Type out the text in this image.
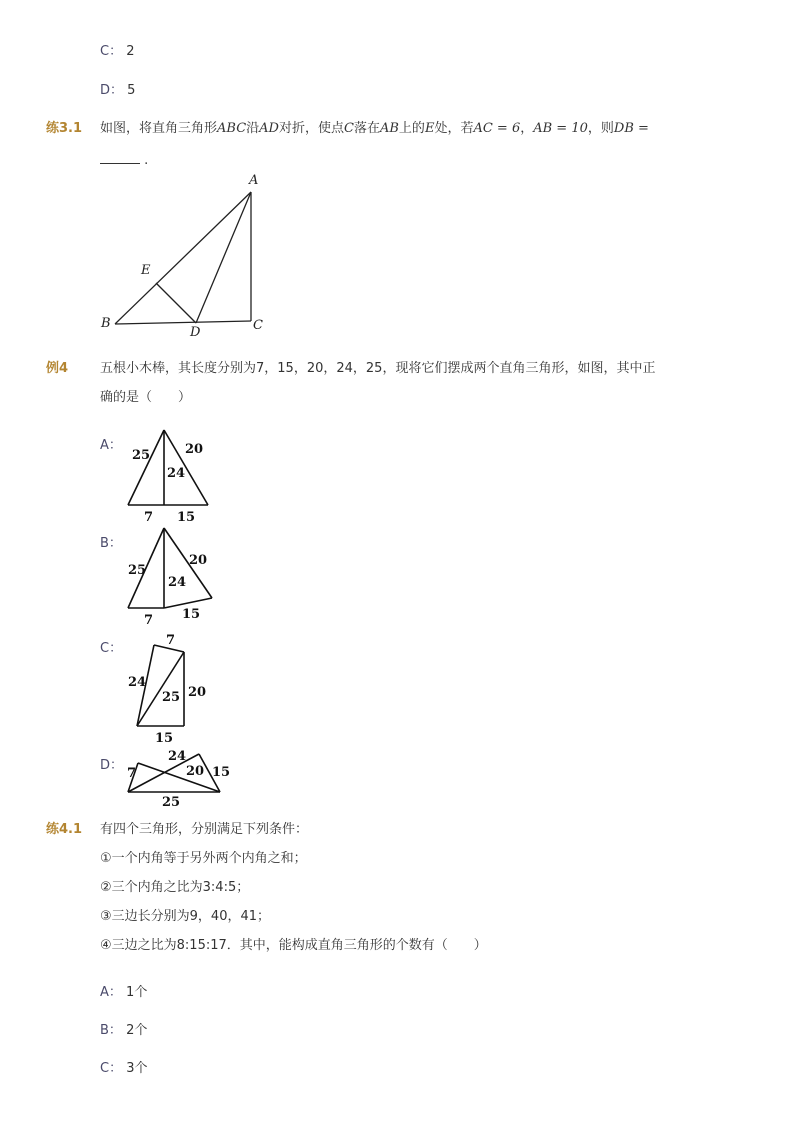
C： 2
D： 5
练3.1 如图，将直角三角形ABC沿AD对折，使点C落在AB上的E处，若AC = 6，AB = 10，则DB =
.
A
B	C
D
E
例4 五根小木棒，其长度分别为7，15，20，24，25，现将它们摆成两个直角三角形，如图，其中正
确的是（　　）
A：
25	20
24
7 15
B：
25
20
24
7 15
C：
7
24
25 20
15
D：
7
24
20 15
25
练4.1 有四个三角形，分别满足下列条件：
①一个内角等于另外两个内角之和；
②三个内角之比为3:4:5；
③三边长分别为9，40，41；
④三边之比为8:15:17．其中，能构成直角三角形的个数有（　　）
A： 1个
B： 2个
C： 3个
